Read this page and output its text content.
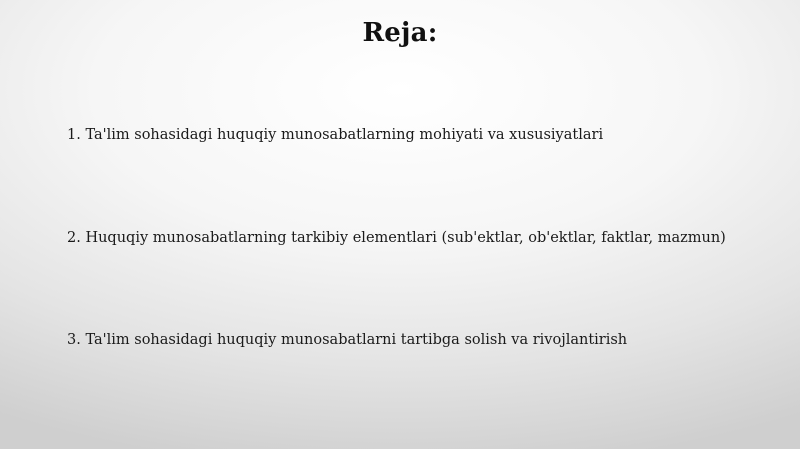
Reja:
1. Ta'lim sohasidagi huquqiy munosabatlarning mohiyati va xususiyatlari
2. Huquqiy munosabatlarning tarkibiy elementlari (sub'ektlar, ob'ektlar, faktlar, mazmun)
3. Ta'lim sohasidagi huquqiy munosabatlarni tartibga solish va rivojlantirish
